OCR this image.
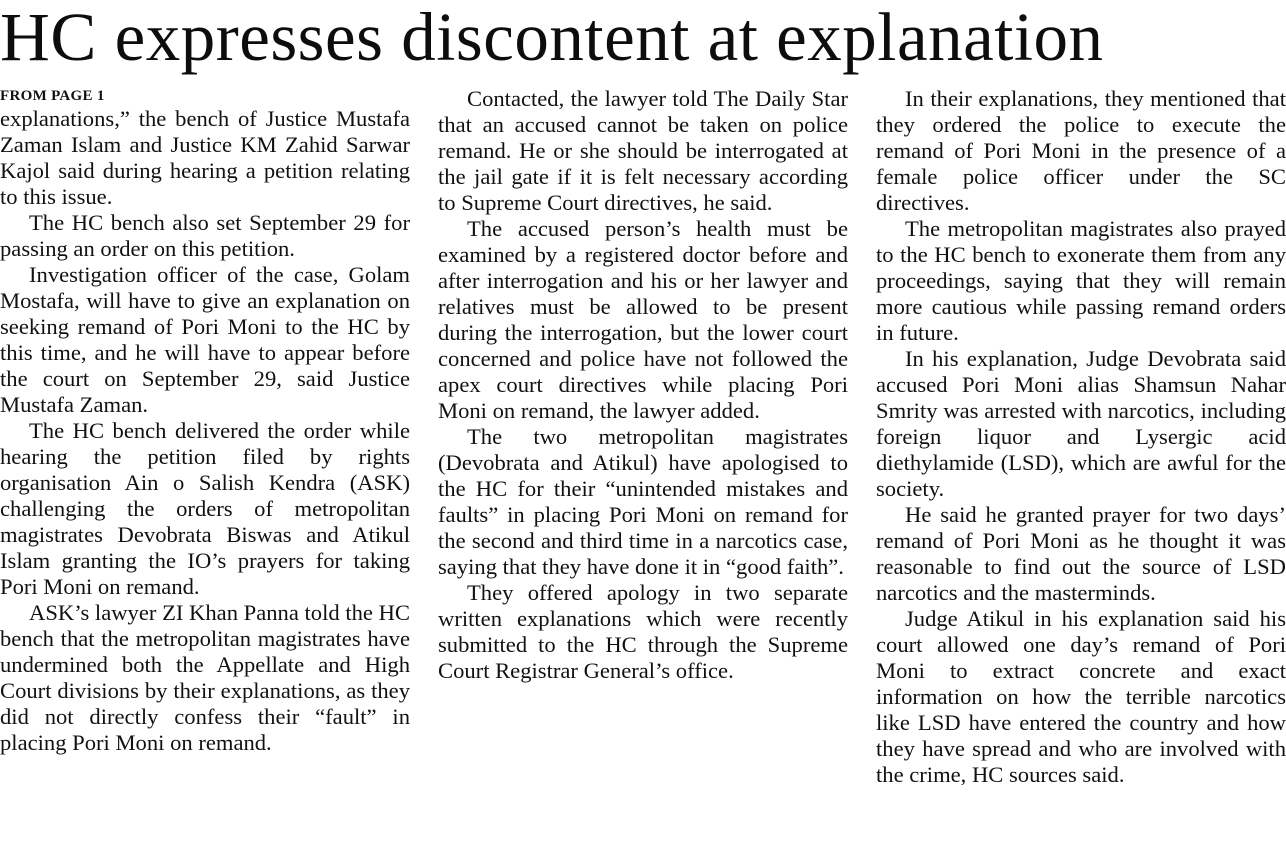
HC expresses discontent at explanation
FROM PAGE 1

explanations,” the bench of Justice Mustafa Zaman Islam and Justice KM Zahid Sarwar Kajol said during hearing a petition relating to this issue.

The HC bench also set September 29 for passing an order on this petition.

Investigation officer of the case, Golam Mostafa, will have to give an explanation on seeking remand of Pori Moni to the HC by this time, and he will have to appear before the court on September 29, said Justice Mustafa Zaman.

The HC bench delivered the order while hearing the petition filed by rights organisation Ain o Salish Kendra (ASK) challenging the orders of metropolitan magistrates Devobrata Biswas and Atikul Islam granting the IO’s prayers for taking Pori Moni on remand.

ASK’s lawyer ZI Khan Panna told the HC bench that the metropolitan magistrates have undermined both the Appellate and High Court divisions by their explanations, as they did not directly confess their “fault” in placing Pori Moni on remand.

Contacted, the lawyer told The Daily Star that an accused cannot be taken on police remand. He or she should be interrogated at the jail gate if it is felt necessary according to Supreme Court directives, he said.

The accused person’s health must be examined by a registered doctor before and after interrogation and his or her lawyer and relatives must be allowed to be present during the interrogation, but the lower court concerned and police have not followed the apex court directives while placing Pori Moni on remand, the lawyer added.

The two metropolitan magistrates (Devobrata and Atikul) have apologised to the HC for their “unintended mistakes and faults” in placing Pori Moni on remand for the second and third time in a narcotics case, saying that they have done it in “good faith”.

They offered apology in two separate written explanations which were recently submitted to the HC through the Supreme Court Registrar General’s office.

In their explanations, they mentioned that they ordered the police to execute the remand of Pori Moni in the presence of a female police officer under the SC directives.

The metropolitan magistrates also prayed to the HC bench to exonerate them from any proceedings, saying that they will remain more cautious while passing remand orders in future.

In his explanation, Judge Devobrata said accused Pori Moni alias Shamsun Nahar Smrity was arrested with narcotics, including foreign liquor and Lysergic acid diethylamide (LSD), which are awful for the society.

He said he granted prayer for two days’ remand of Pori Moni as he thought it was reasonable to find out the source of LSD narcotics and the masterminds.

Judge Atikul in his explanation said his court allowed one day’s remand of Pori Moni to extract concrete and exact information on how the terrible narcotics like LSD have entered the country and how they have spread and who are involved with the crime, HC sources said.
